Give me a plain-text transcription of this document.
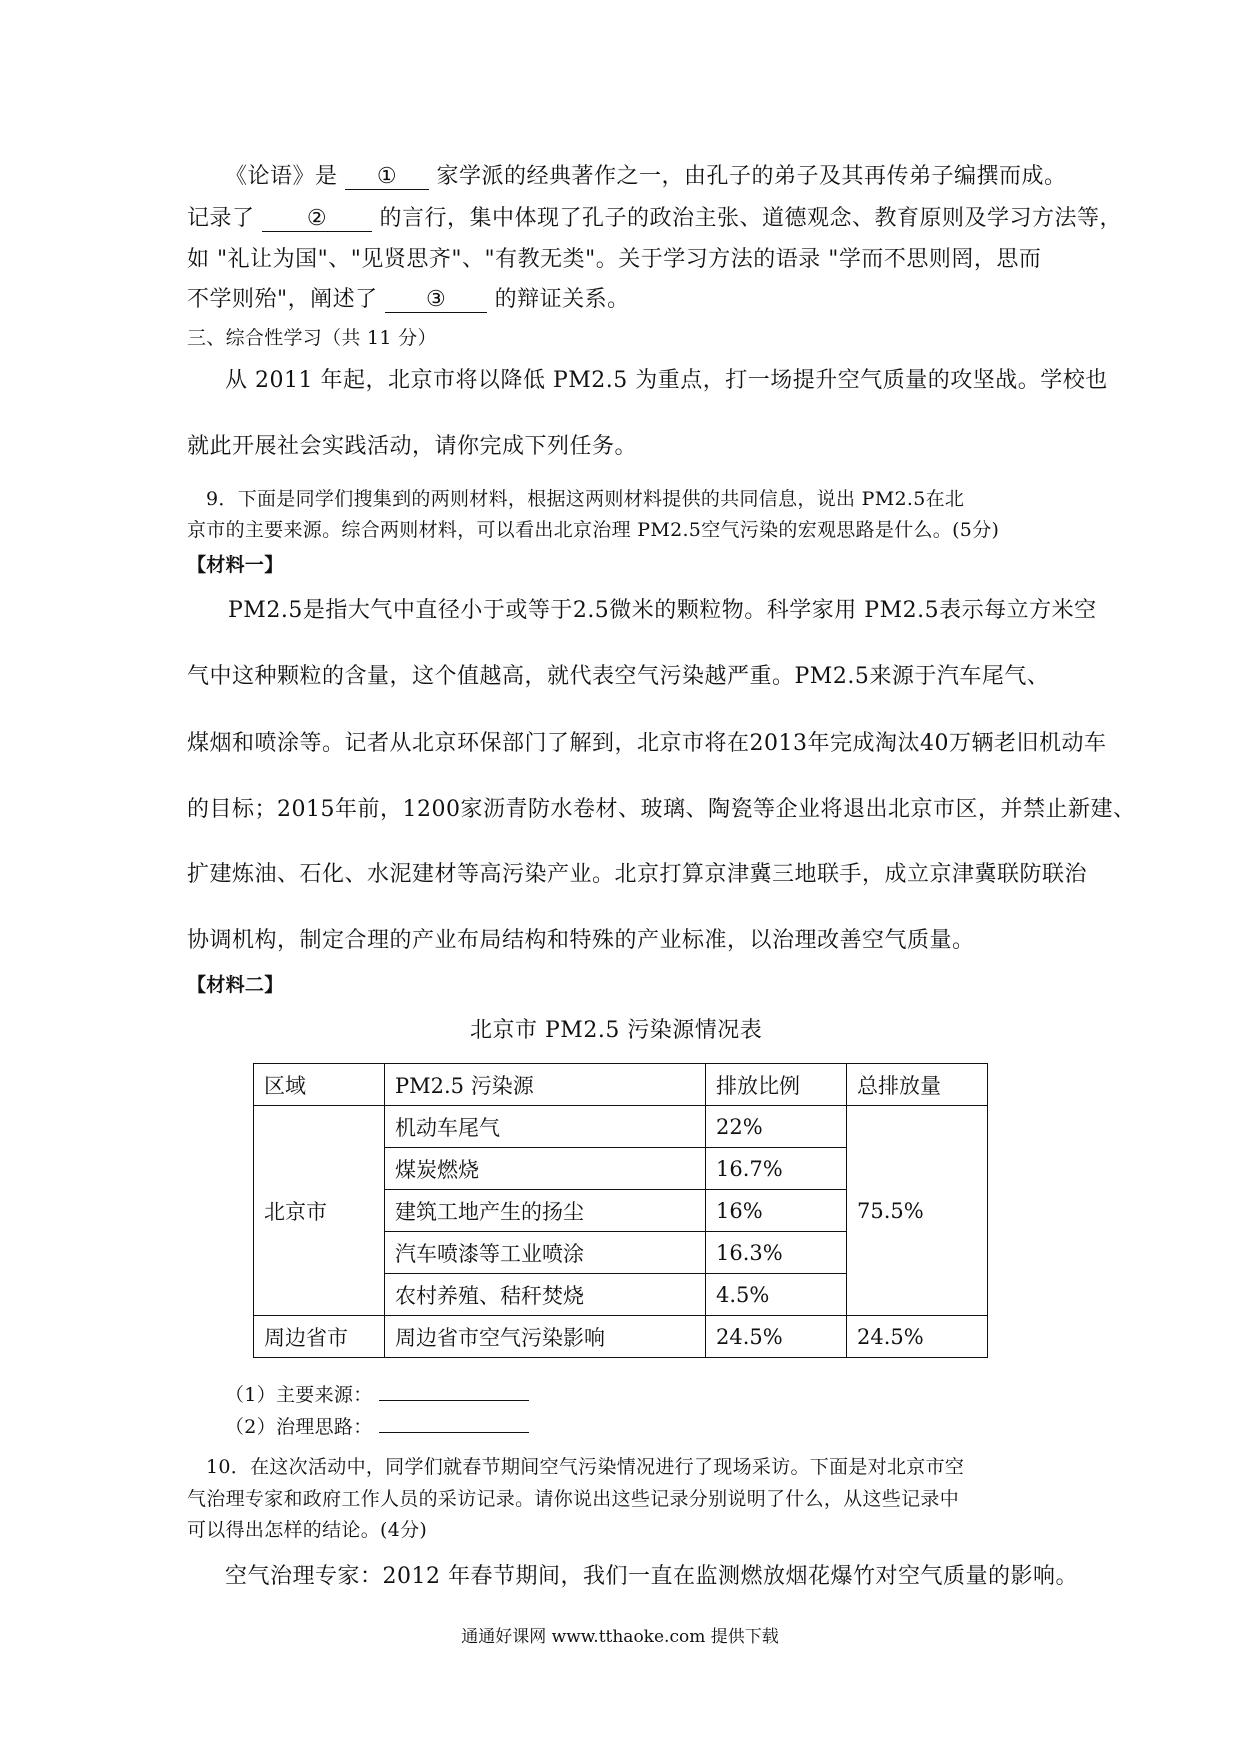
《论语》是 ① 家学派的经典著作之一，由孔子的弟子及其再传弟子编撰而成。
记录了 ② 的言行，集中体现了孔子的政治主张、道德观念、教育原则及学习方法等，
如 "礼让为国"、"见贤思齐"、"有教无类"。关于学习方法的语录 "学而不思则罔，思而
不学则殆"，阐述了 ③ 的辩证关系。
三、综合性学习（共 11 分）
从 2011 年起，北京市将以降低 PM2.5 为重点，打一场提升空气质量的攻坚战。学校也
就此开展社会实践活动，请你完成下列任务。
9．下面是同学们搜集到的两则材料，根据这两则材料提供的共同信息，说出 PM2.5在北
京市的主要来源。综合两则材料，可以看出北京治理 PM2.5空气污染的宏观思路是什么。(5分)
【材料一】
PM2.5是指大气中直径小于或等于2.5微米的颗粒物。科学家用 PM2.5表示每立方米空
气中这种颗粒的含量，这个值越高，就代表空气污染越严重。PM2.5来源于汽车尾气、
煤烟和喷涂等。记者从北京环保部门了解到，北京市将在2013年完成淘汰40万辆老旧机动车
的目标；2015年前，1200家沥青防水卷材、玻璃、陶瓷等企业将退出北京市区，并禁止新建、
扩建炼油、石化、水泥建材等高污染产业。北京打算京津冀三地联手，成立京津冀联防联治
协调机构，制定合理的产业布局结构和特殊的产业标准，以治理改善空气质量。
【材料二】
北京市 PM2.5 污染源情况表
区域	PM2.5 污染源	排放比例	总排放量
北京市	机动车尾气	22%	75.5%
	煤炭燃烧	16.7%	
	建筑工地产生的扬尘	16%	
	汽车喷漆等工业喷涂	16.3%	
	农村养殖、秸秆焚烧	4.5%	
周边省市	周边省市空气污染影响	24.5%	24.5%
（1）主要来源：
（2）治理思路：
10．在这次活动中，同学们就春节期间空气污染情况进行了现场采访。下面是对北京市空
气治理专家和政府工作人员的采访记录。请你说出这些记录分别说明了什么，从这些记录中
可以得出怎样的结论。(4分)
空气治理专家：2012 年春节期间，我们一直在监测燃放烟花爆竹对空气质量的影响。
通通好课网 www.tthaoke.com 提供下载
